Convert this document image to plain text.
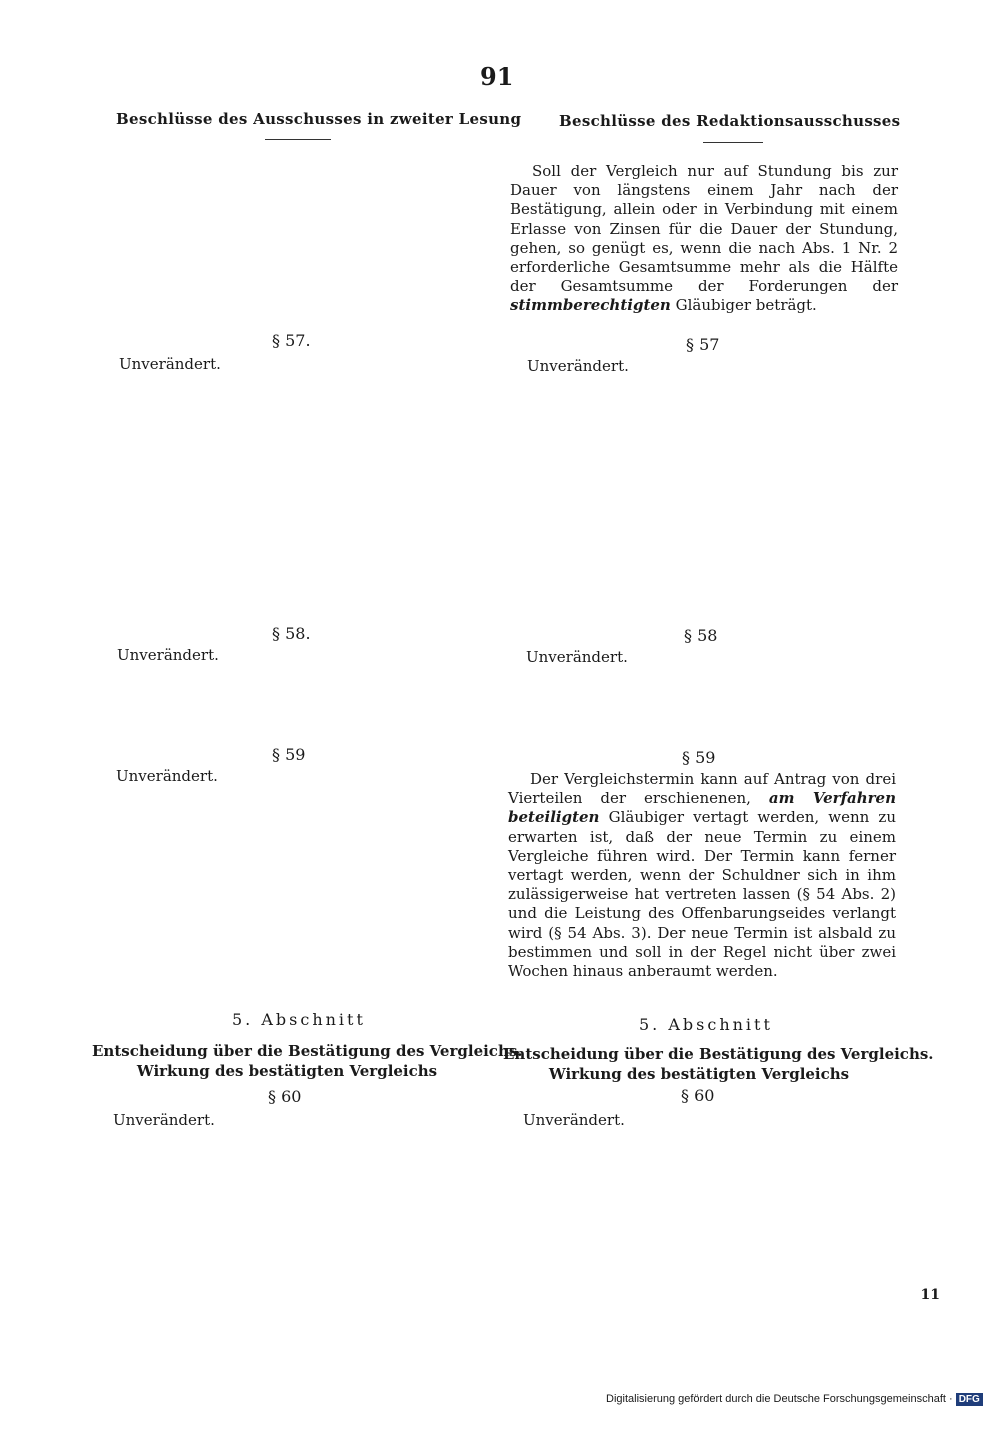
91
Beschlüsse des Ausschusses in zweiter Lesung
§ 57.
Unverändert.
§ 58.
Unverändert.
§ 59
Unverändert.
5. Abschnitt
Entscheidung über die Bestätigung des Vergleichs.
Wirkung des bestätigten Vergleichs
§ 60
Unverändert.
Beschlüsse des Redaktionsausschusses
Soll der Vergleich nur auf Stundung bis zur Dauer von längstens einem Jahr nach der Bestätigung, allein oder in Verbindung mit einem Erlasse von Zinsen für die Dauer der Stundung, gehen, so genügt es, wenn die nach Abs. 1 Nr. 2 erforderliche Gesamtsumme mehr als die Hälfte der Gesamtsumme der Forderungen der stimmberechtigten Gläubiger beträgt.
§ 57
Unverändert.
§ 58
Unverändert.
§ 59
Der Vergleichstermin kann auf Antrag von drei Vierteilen der erschienenen, am Verfahren beteiligten Gläubiger vertagt werden, wenn zu erwarten ist, daß der neue Termin zu einem Vergleiche führen wird. Der Termin kann ferner vertagt werden, wenn der Schuldner sich in ihm zulässigerweise hat vertreten lassen (§ 54 Abs. 2) und die Leistung des Offenbarungseides verlangt wird (§ 54 Abs. 3). Der neue Termin ist alsbald zu bestimmen und soll in der Regel nicht über zwei Wochen hinaus anberaumt werden.
5. Abschnitt
Entscheidung über die Bestätigung des Vergleichs.
Wirkung des bestätigten Vergleichs
§ 60
Unverändert.
11
Digitalisierung gefördert durch die Deutsche Forschungsgemeinschaft · DFG
